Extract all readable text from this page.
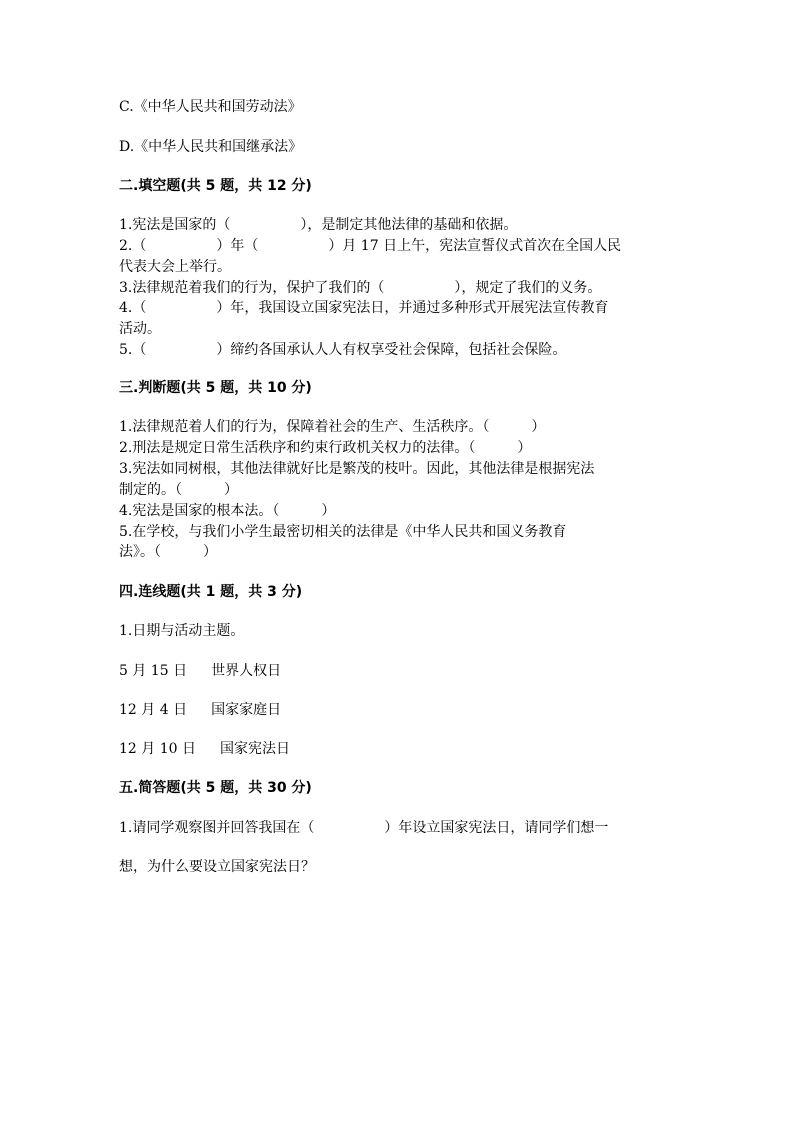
C.《中华人民共和国劳动法》
D.《中华人民共和国继承法》
二.填空题(共 5 题，共 12 分)
1.宪法是国家的（　　　　　），是制定其他法律的基础和依据。
2.（　　　　　）年（　　　　　）月 17 日上午，宪法宣誓仪式首次在全国人民
代表大会上举行。
3.法律规范着我们的行为，保护了我们的（　　　　　），规定了我们的义务。
4.（　　　　　）年，我国设立国家宪法日，并通过多种形式开展宪法宣传教育
活动。
5.（　　　　　）缔约各国承认人人有权享受社会保障，包括社会保险。
三.判断题(共 5 题，共 10 分)
1.法律规范着人们的行为，保障着社会的生产、生活秩序。（　　　）
2.刑法是规定日常生活秩序和约束行政机关权力的法律。（　　　）
3.宪法如同树根，其他法律就好比是繁茂的枝叶。因此，其他法律是根据宪法
制定的。（　　　）
4.宪法是国家的根本法。（　　　）
5.在学校，与我们小学生最密切相关的法律是《中华人民共和国义务教育
法》。（　　　）
四.连线题(共 1 题，共 3 分)
1.日期与活动主题。
5 月 15 日 世界人权日
12 月 4 日 国家家庭日
12 月 10 日 国家宪法日
五.简答题(共 5 题，共 30 分)
1.请同学观察图并回答我国在（　　　　　）年设立国家宪法日，请同学们想一
想，为什么要设立国家宪法日？
